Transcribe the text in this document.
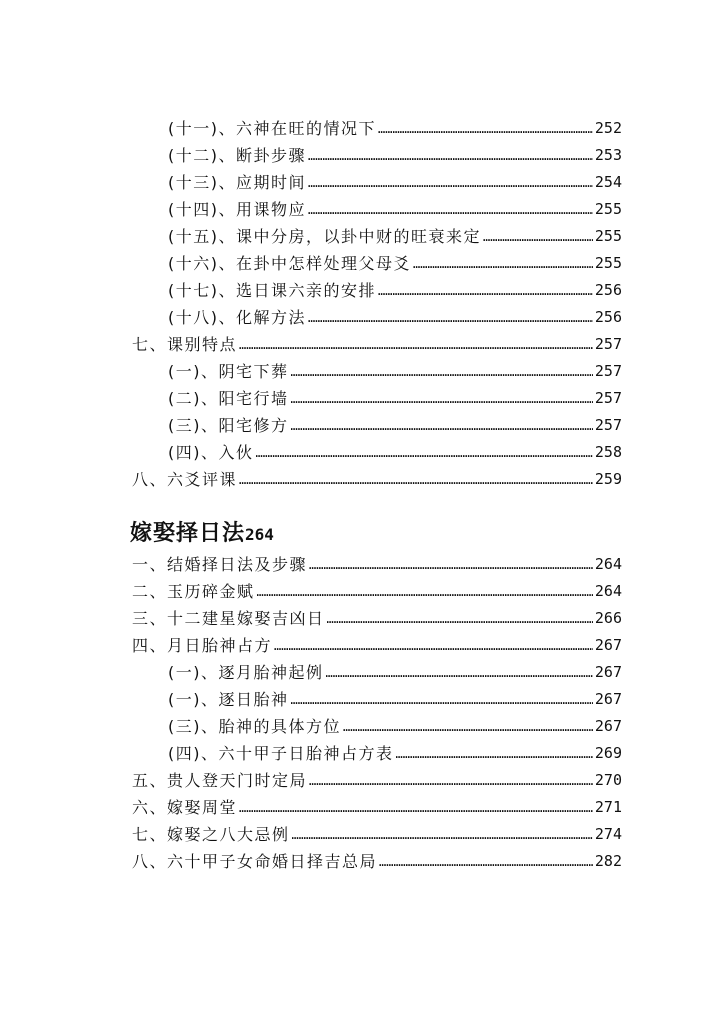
(十一)、六神在旺的情况下 …………………………………………………………………………………………………………………………………………………	252
(十二)、断卦步骤 …………………………………………………………………………………………………………………………………………………	253
(十三)、应期时间 …………………………………………………………………………………………………………………………………………………	254
(十四)、用课物应 …………………………………………………………………………………………………………………………………………………	255
(十五)、课中分房，以卦中财的旺衰来定 …………………………………………………………………………………………………………………………………………………	255
(十六)、在卦中怎样处理父母爻 …………………………………………………………………………………………………………………………………………………	255
(十七)、选日课六亲的安排 …………………………………………………………………………………………………………………………………………………	256
(十八)、化解方法 …………………………………………………………………………………………………………………………………………………	256
七、课别特点 …………………………………………………………………………………………………………………………………………………	257
(一)、阴宅下葬 …………………………………………………………………………………………………………………………………………………	257
(二)、阳宅行墙 …………………………………………………………………………………………………………………………………………………	257
(三)、阳宅修方 …………………………………………………………………………………………………………………………………………………	257
(四)、入伙 …………………………………………………………………………………………………………………………………………………	258
八、六爻评课 …………………………………………………………………………………………………………………………………………………	259
嫁娶择日法 264
一、结婚择日法及步骤 …………………………………………………………………………………………………………………………………………………	264
二、玉历碎金赋 …………………………………………………………………………………………………………………………………………………	264
三、十二建星嫁娶吉凶日 …………………………………………………………………………………………………………………………………………………	266
四、月日胎神占方 …………………………………………………………………………………………………………………………………………………	267
(一)、逐月胎神起例 …………………………………………………………………………………………………………………………………………………	267
(一)、逐日胎神 …………………………………………………………………………………………………………………………………………………	267
(三)、胎神的具体方位 …………………………………………………………………………………………………………………………………………………	267
(四)、六十甲子日胎神占方表 …………………………………………………………………………………………………………………………………………………	269
五、贵人登天门时定局 …………………………………………………………………………………………………………………………………………………	270
六、嫁娶周堂 …………………………………………………………………………………………………………………………………………………	271
七、嫁娶之八大忌例 …………………………………………………………………………………………………………………………………………………	274
八、六十甲子女命婚日择吉总局 …………………………………………………………………………………………………………………………………………………	282
